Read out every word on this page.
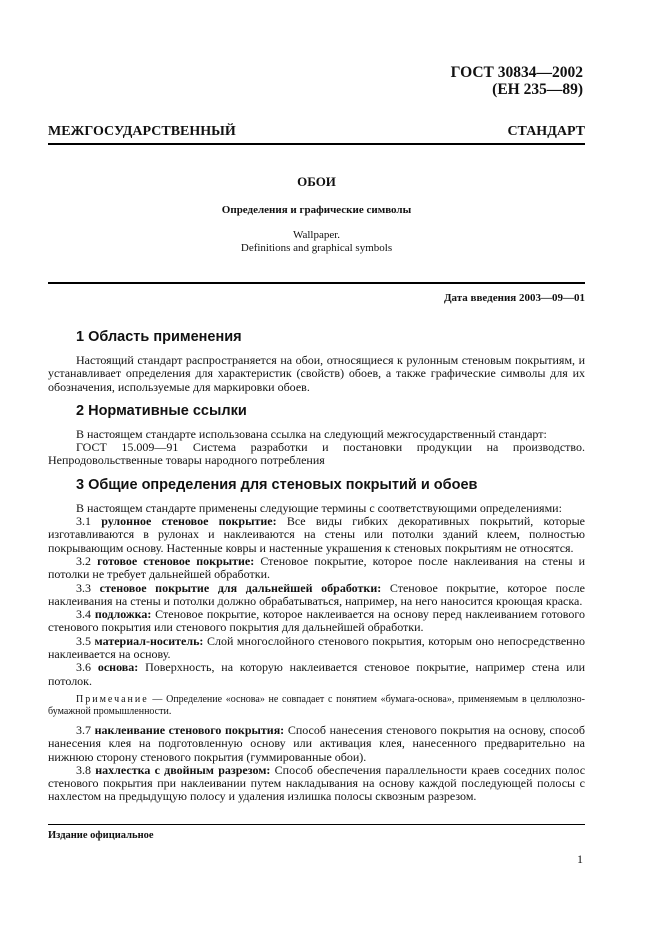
ГОСТ 30834—2002
(ЕН 235—89)
МЕЖГОСУДАРСТВЕННЫЙ СТАНДАРТ
ОБОИ
Определения и графические символы
Wallpaper.
Definitions and graphical symbols
Дата введения 2003—09—01
1 Область применения

Настоящий стандарт распространяется на обои, относящиеся к рулонным стеновым покрытиям, и устанавливает определения для характеристик (свойств) обоев, а также графические символы для их обозначения, используемые для маркировки обоев.

2 Нормативные ссылки

В настоящем стандарте использована ссылка на следующий межгосударственный стандарт:

ГОСТ 15.009—91 Система разработки и постановки продукции на производство. Непродовольственные товары народного потребления

3 Общие определения для стеновых покрытий и обоев

В настоящем стандарте применены следующие термины с соответствующими определениями:

3.1 рулонное стеновое покрытие: Все виды гибких декоративных покрытий, которые изготавливаются в рулонах и наклеиваются на стены или потолки зданий клеем, полностью покрывающим основу. Настенные ковры и настенные украшения к стеновых покрытиям не относятся.

3.2 готовое стеновое покрытие: Стеновое покрытие, которое после наклеивания на стены и потолки не требует дальнейшей обработки.

3.3 стеновое покрытие для дальнейшей обработки: Стеновое покрытие, которое после наклеивания на стены и потолки должно обрабатываться, например, на него наносится кроющая краска.

3.4 подложка: Стеновое покрытие, которое наклеивается на основу перед наклеиванием готового стенового покрытия или стенового покрытия для дальнейшей обработки.

3.5 материал-носитель: Слой многослойного стенового покрытия, которым оно непосредственно наклеивается на основу.

3.6 основа: Поверхность, на которую наклеивается стеновое покрытие, например стена или потолок.

Примечание — Определение «основа» не совпадает с понятием «бумага-основа», применяемым в целлюлозно-бумажной промышленности.

3.7 наклеивание стенового покрытия: Способ нанесения стенового покрытия на основу, способ нанесения клея на подготовленную основу или активация клея, нанесенного предварительно на нижнюю сторону стенового покрытия (гуммированные обои).

3.8 нахлестка с двойным разрезом: Способ обеспечения параллельности краев соседних полос стенового покрытия при наклеивании путем накладывания на основу каждой последующей полосы с нахлестом на предыдущую полосу и удаления излишка полосы сквозным разрезом.

Издание официальное
1
